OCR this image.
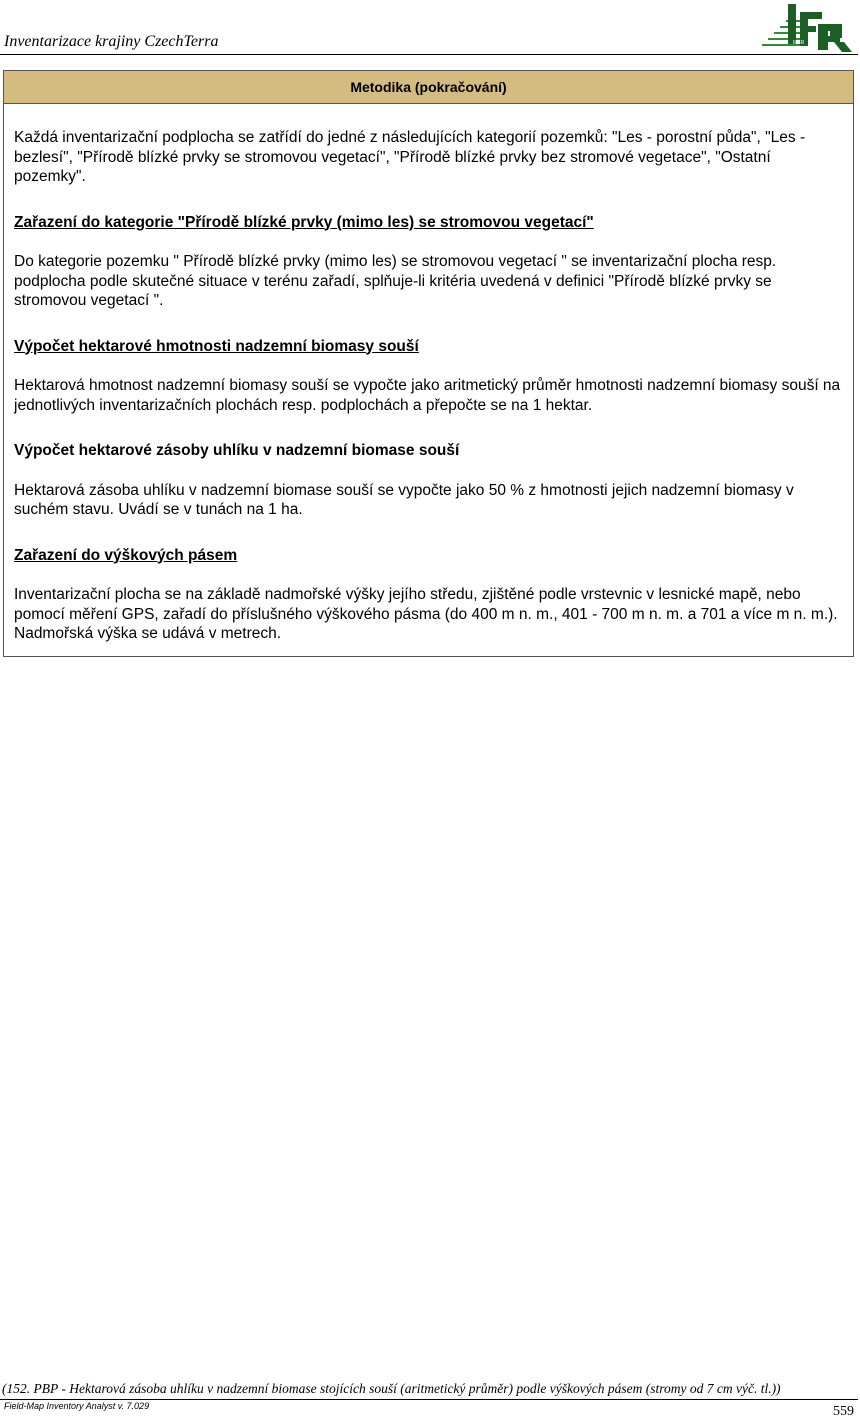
Inventarizace krajiny CzechTerra	IFER
Metodika (pokračování)

Každá inventarizační podplocha se zatřídí do jedné z následujících kategorií pozemků: "Les - porostní půda", "Les - bezlesí", "Přírodě blízké prvky se stromovou vegetací", "Přírodě blízké prvky bez stromové vegetace", "Ostatní pozemky".

Zařazení do kategorie "Přírodě blízké prvky (mimo les) se stromovou vegetací"

Do kategorie pozemku " Přírodě blízké prvky (mimo les) se stromovou vegetací " se inventarizační plocha resp. podplocha podle skutečné situace v terénu zařadí, splňuje-li kritéria uvedená v definici "Přírodě blízké prvky se stromovou vegetací ".

Výpočet hektarové hmotnosti nadzemní biomasy souší

Hektarová hmotnost nadzemní biomasy souší se vypočte jako aritmetický průměr hmotnosti nadzemní biomasy souší na jednotlivých inventarizačních plochách resp. podplochách a přepočte se na 1 hektar.

Výpočet hektarové zásoby uhlíku v nadzemní biomase souší

Hektarová zásoba uhlíku v nadzemní biomase souší se vypočte jako 50 % z hmotnosti jejich nadzemní biomasy v suchém stavu. Uvádí se v tunách na 1 ha.

Zařazení do výškových pásem

Inventarizační plocha se na základě nadmořské výšky jejího středu, zjištěné podle vrstevnic v lesnické mapě, nebo pomocí měření GPS, zařadí do příslušného výškového pásma (do 400 m n. m., 401 - 700 m n. m. a 701 a více m n. m.). Nadmořská výška se udává v metrech.

(152. PBP - Hektarová zásoba uhlíku v nadzemní biomase stojících souší (aritmetický průměr) podle výškových pásem (stromy od 7 cm výč. tl.))
Field-Map Inventory Analyst v. 7.029	559
